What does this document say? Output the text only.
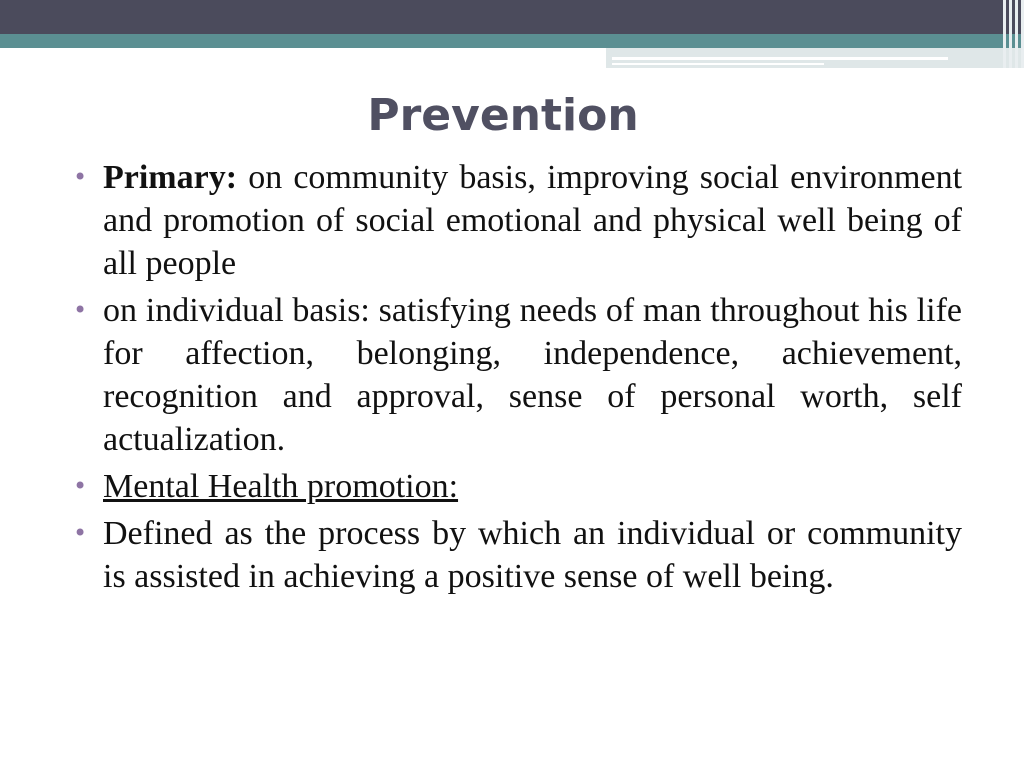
Prevention
• Primary: on community basis, improving social environment and promotion of social emotional and physical well being of all people
• on individual basis: satisfying needs of man throughout his life for affection, belonging, independence, achievement, recognition and approval, sense of personal worth, self actualization.
• Mental Health promotion:
• Defined as the process by which an individual or community is assisted in achieving a positive sense of well being.
